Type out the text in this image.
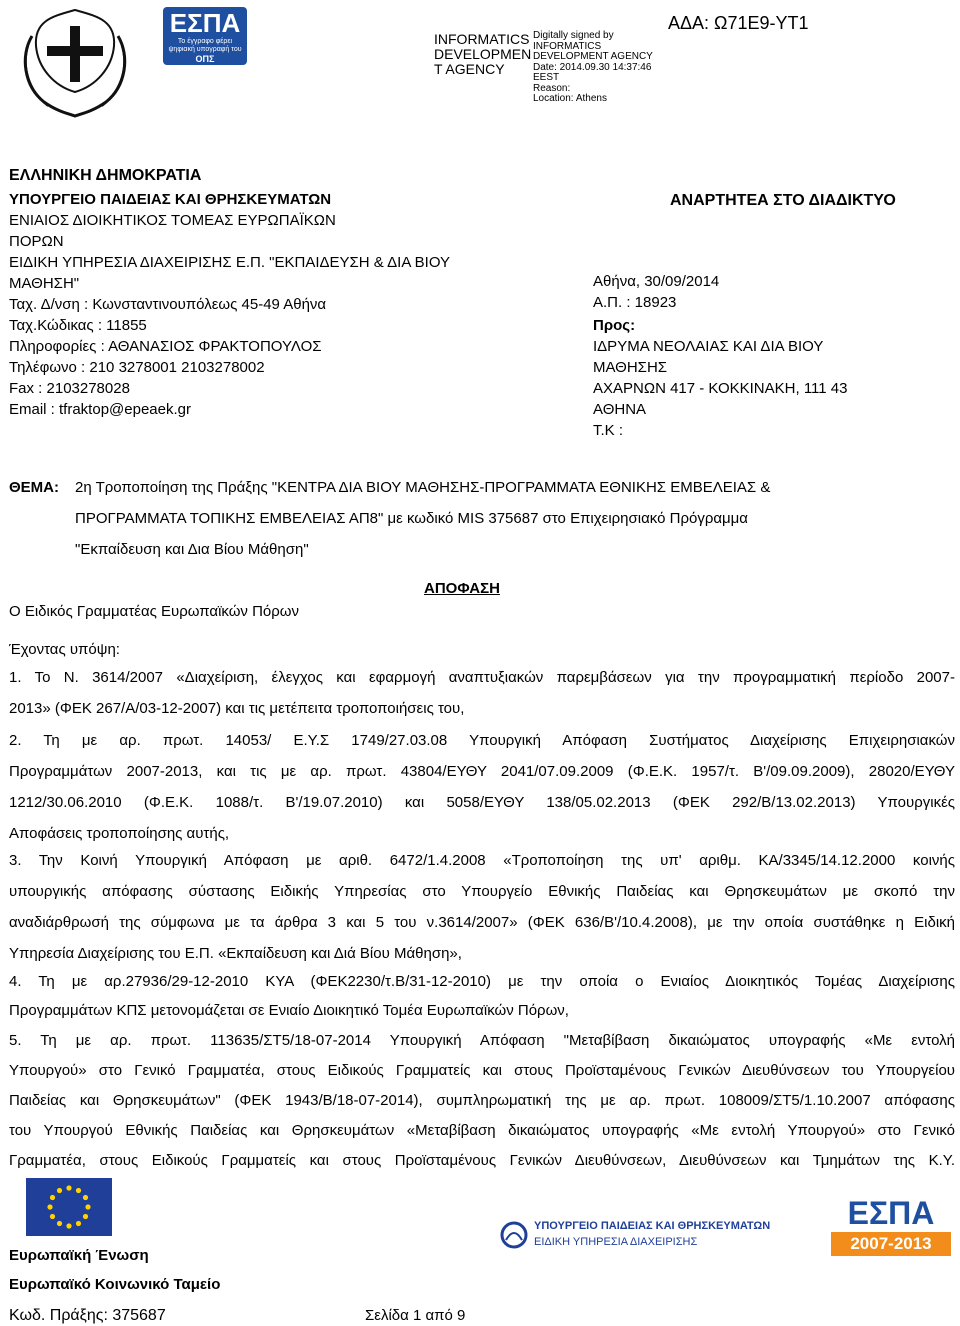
ΕΣΠΑ
Το έγγραφο φέρει ψηφιακή υπογραφή του
ΟΠΣ
INFORMATICS
DEVELOPMEN
T AGENCY
Digitally signed by
INFORMATICS
DEVELOPMENT AGENCY
Date: 2014.09.30 14:37:46
EEST
Reason:
Location: Athens
ΑΔΑ: Ω71Ε9-ΥΤ1
ΕΛΛΗΝΙΚΗ ΔΗΜΟΚΡΑΤΙΑ
ΥΠΟΥΡΓΕΙΟ ΠΑΙΔΕΙΑΣ ΚΑΙ ΘΡΗΣΚΕΥΜΑΤΩΝ
ΕΝΙΑΙΟΣ ΔΙΟΙΚΗΤΙΚΟΣ ΤΟΜΕΑΣ ΕΥΡΩΠΑΪΚΩΝ
ΠΟΡΩΝ
ΕΙΔΙΚΗ ΥΠΗΡΕΣΙΑ ΔΙΑΧΕΙΡΙΣΗΣ Ε.Π. "ΕΚΠΑΙΔΕΥΣΗ & ΔΙΑ ΒΙΟΥ
ΜΑΘΗΣΗ"
Ταχ. Δ/νση : Κωνσταντινουπόλεως 45-49 Αθήνα
Ταχ.Κώδικας : 11855
Πληροφορίες : ΑΘΑΝΑΣΙΟΣ ΦΡΑΚΤΟΠΟΥΛΟΣ
Τηλέφωνο : 210 3278001 2103278002
Fax : 2103278028
Email : tfraktop@epeaek.gr
ΑΝΑΡΤΗΤΕΑ ΣΤΟ ΔΙΑΔΙΚΤΥΟ
Αθήνα, 30/09/2014
Α.Π. : 18923
Προς:
ΙΔΡΥΜΑ ΝΕΟΛΑΙΑΣ ΚΑΙ ΔΙΑ ΒΙΟΥ
ΜΑΘΗΣΗΣ
ΑΧΑΡΝΩΝ 417 - ΚΟΚΚΙΝΑΚΗ, 111 43
ΑΘΗΝΑ
Τ.Κ :
ΘΕΜΑ: 2η Τροποποίηση της Πράξης "ΚΕΝΤΡΑ ΔΙΑ ΒΙΟΥ ΜΑΘΗΣΗΣ-ΠΡΟΓΡΑΜΜΑΤΑ ΕΘΝΙΚΗΣ ΕΜΒΕΛΕΙΑΣ &
ΠΡΟΓΡΑΜΜΑΤΑ ΤΟΠΙΚΗΣ ΕΜΒΕΛΕΙΑΣ ΑΠ8" με κωδικό MIS 375687 στο Επιχειρησιακό Πρόγραμμα
"Εκπαίδευση και Δια Βίου Μάθηση"
ΑΠΟΦΑΣΗ
Ο Ειδικός Γραμματέας Ευρωπαϊκών Πόρων
Έχοντας υπόψη:
1. Το Ν. 3614/2007 «Διαχείριση, έλεγχος και εφαρμογή αναπτυξιακών παρεμβάσεων για την προγραμματική περίοδο 2007-
2013» (ΦΕΚ 267/Α/03-12-2007) και τις μετέπειτα τροποποιήσεις του,
2. Τη με αρ. πρωτ. 14053/ Ε.Υ.Σ 1749/27.03.08 Υπουργική Απόφαση Συστήματος Διαχείρισης Επιχειρησιακών
Προγραμμάτων 2007-2013, και τις με αρ. πρωτ. 43804/ΕΥΘΥ 2041/07.09.2009 (Φ.Ε.Κ. 1957/τ. Β'/09.09.2009), 28020/ΕΥΘΥ
1212/30.06.2010 (Φ.Ε.Κ. 1088/τ. Β'/19.07.2010) και 5058/ΕΥΘΥ 138/05.02.2013 (ΦΕΚ 292/Β/13.02.2013) Υπουργικές
Αποφάσεις τροποποίησης αυτής,
3. Την Κοινή Υπουργική Απόφαση με αριθ. 6472/1.4.2008 «Τροποποίηση της υπ' αριθμ. ΚΑ/3345/14.12.2000 κοινής
υπουργικής απόφασης σύστασης Ειδικής Υπηρεσίας στο Υπουργείο Εθνικής Παιδείας και Θρησκευμάτων με σκοπό την
αναδιάρθρωσή της σύμφωνα με τα άρθρα 3 και 5 του ν.3614/2007» (ΦΕΚ 636/Β'/10.4.2008), με την οποία συστάθηκε η Ειδική
Υπηρεσία Διαχείρισης του Ε.Π. «Εκπαίδευση και Διά Βίου Μάθηση»,
4. Τη με αρ.27936/29-12-2010 ΚΥΑ (ΦΕΚ2230/τ.Β/31-12-2010) με την οποία ο Ενιαίος Διοικητικός Τομέας Διαχείρισης
Προγραμμάτων ΚΠΣ μετονομάζεται σε Ενιαίο Διοικητικό Τομέα Ευρωπαϊκών Πόρων,
5. Τη με αρ. πρωτ. 113635/ΣΤ5/18-07-2014 Υπουργική Απόφαση "Μεταβίβαση δικαιώματος υπογραφής «Με εντολή
Υπουργού» στο Γενικό Γραμματέα, στους Ειδικούς Γραμματείς και στους Προϊσταμένους Γενικών Διευθύνσεων του Υπουργείου
Παιδείας και Θρησκευμάτων" (ΦΕΚ 1943/Β/18-07-2014), συμπληρωματική της με αρ. πρωτ. 108009/ΣΤ5/1.10.2007 απόφασης
του Υπουργού Εθνικής Παιδείας και Θρησκευμάτων «Μεταβίβαση δικαιώματος υπογραφής «Με εντολή Υπουργού» στο Γενικό
Γραμματέα, στους Ειδικούς Γραμματείς και στους Προϊσταμένους Γενικών Διευθύνσεων, Διευθύνσεων και Τμημάτων της Κ.Υ.
Ευρωπαϊκή Ένωση
Ευρωπαϊκό Κοινωνικό Ταμείο
Κωδ. Πράξης: 375687	Σελίδα 1 από 9
ΥΠΟΥΡΓΕΙΟ ΠΑΙΔΕΙΑΣ ΚΑΙ ΘΡΗΣΚΕΥΜΑΤΩΝ
ΕΙΔΙΚΗ ΥΠΗΡΕΣΙΑ ΔΙΑΧΕΙΡΙΣΗΣ
ΕΣΠΑ
2007-2013
